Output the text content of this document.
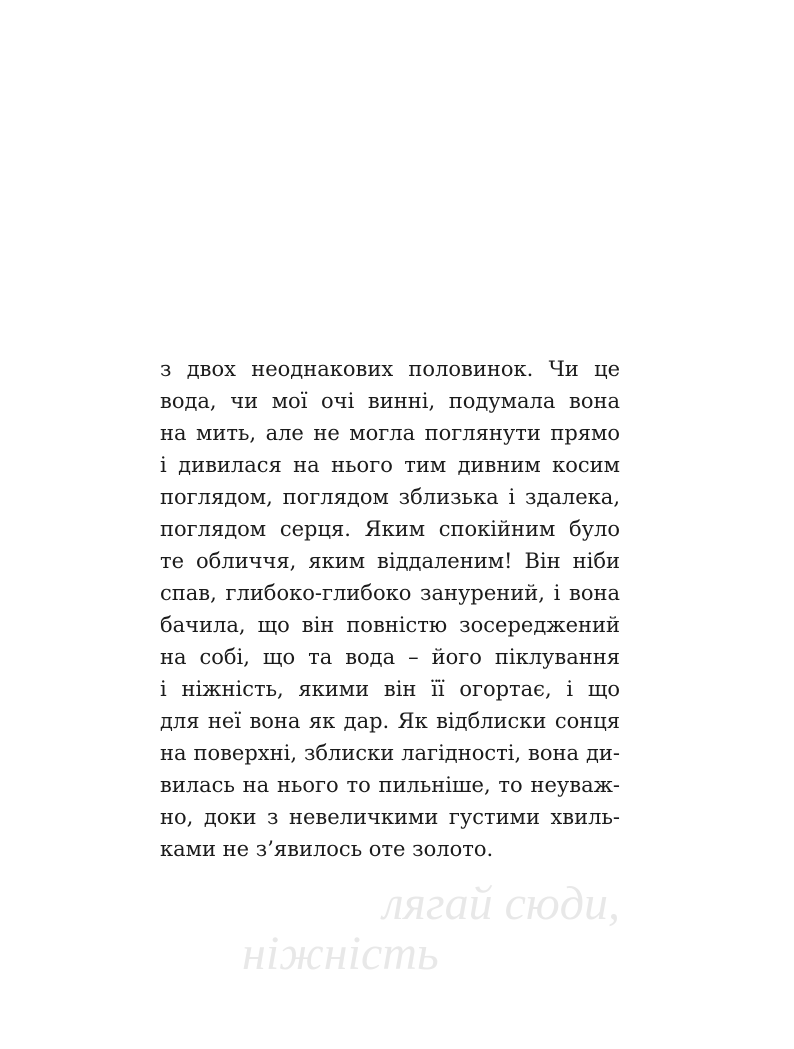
з двох неоднакових половинок. Чи це
вода, чи мої очі винні, подумала вона
на мить, але не могла поглянути прямо
і дивилася на нього тим дивним косим
поглядом, поглядом зблизька і здалека,
поглядом серця. Яким спокійним було
те обличчя, яким віддаленим! Він ніби
спав, глибоко-глибоко занурений, і вона
бачила, що він повністю зосереджений
на собі, що та вода – його піклування
і ніжність, якими він її огортає, і що
для неї вона як дар. Як відблиски сонця
на поверхні, зблиски лагідності, вона ди-
вилась на нього то пильніше, то неуваж-
но, доки з невеличкими густими хвиль-
ками не з’явилось оте золото.
лягай сюди,
ніжність
